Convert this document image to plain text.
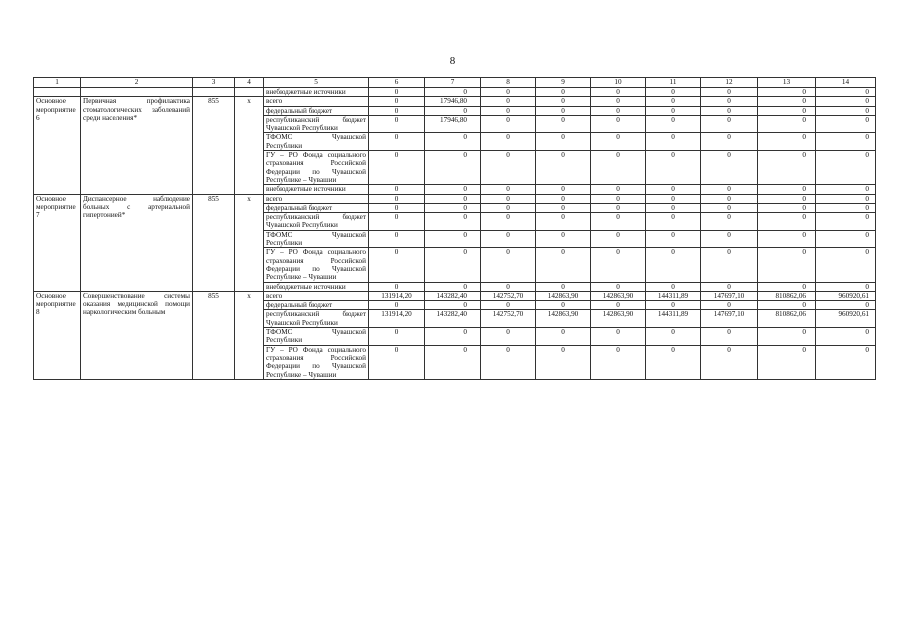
8
1	2	3	4	5	6	7	8	9	10	11	12	13	14
				внебюджетные источники	0	0	0	0	0	0	0	0	0
Основное мероприятие 6	Первичная профилактика стоматологических заболеваний среди населения*	855	х	всего	0	17946,80	0	0	0	0	0	0	0
				федеральный бюджет	0	0	0	0	0	0	0	0	0
				республиканский бюджет Чувашской Республики	0	17946,80	0	0	0	0	0	0	0
				ТФОМС Чувашской Республики	0	0	0	0	0	0	0	0	0
				ГУ – РО Фонда социального страхования Российской Федерации по Чувашской Республике – Чувашии	0	0	0	0	0	0	0	0	0
				внебюджетные источники	0	0	0	0	0	0	0	0	0
Основное мероприятие 7	Диспансерное наблюдение больных с артериальной гипертонией*	855	х	всего	0	0	0	0	0	0	0	0	0
				федеральный бюджет	0	0	0	0	0	0	0	0	0
				республиканский бюджет Чувашской Республики	0	0	0	0	0	0	0	0	0
				ТФОМС Чувашской Республики	0	0	0	0	0	0	0	0	0
				ГУ – РО Фонда социального страхования Российской Федерации по Чувашской Республике – Чувашии	0	0	0	0	0	0	0	0	0
				внебюджетные источники	0	0	0	0	0	0	0	0	0
Основное мероприятие 8	Совершенствование системы оказания медицинской помощи наркологическим больным	855	х	всего	131914,20	143282,40	142752,70	142863,90	142863,90	144311,89	147697,10	810862,06	960920,61
				федеральный бюджет	0	0	0	0	0	0	0	0	0
				республиканский бюджет Чувашской Республики	131914,20	143282,40	142752,70	142863,90	142863,90	144311,89	147697,10	810862,06	960920,61
				ТФОМС Чувашской Республики	0	0	0	0	0	0	0	0	0
				ГУ – РО Фонда социального страхования Российской Федерации по Чувашской Республике – Чувашии	0	0	0	0	0	0	0	0	0
